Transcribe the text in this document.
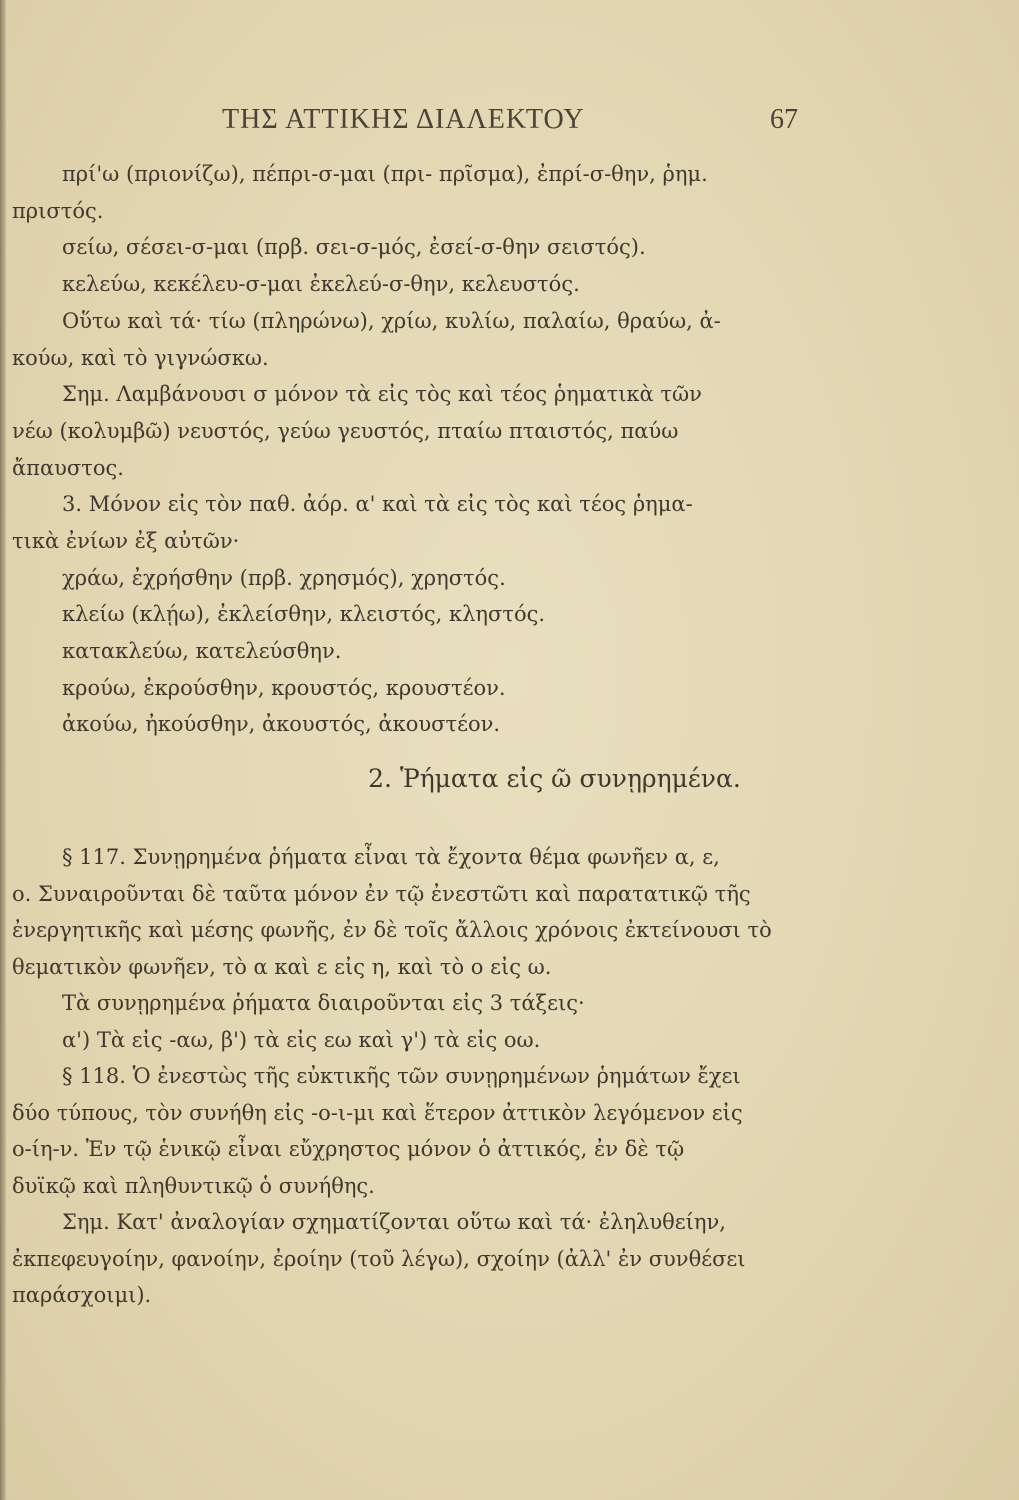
ΤΗΣ ΑΤΤΙΚΗΣ ΔΙΑΛΕΚΤΟΥ	67
πρί'ω (πριονίζω), πέπρι-σ-μαι (πρι- πρῖσμα), ἐπρί-σ-θην, ῥημ.
πριστός.
σείω, σέσει-σ-μαι (πρβ. σει-σ-μός, ἐσεί-σ-θην σειστός).
κελεύω, κεκέλευ-σ-μαι ἐκελεύ-σ-θην, κελευστός.
Οὕτω καὶ τά· τίω (πληρώνω), χρίω, κυλίω, παλαίω, θραύω, ἀ-
κούω, καὶ τὸ γιγνώσκω.
Σημ. Λαμβάνουσι σ μόνον τὰ εἰς τὸς καὶ τέος ῥηματικὰ τῶν
νέω (κολυμβῶ) νευστός, γεύω γευστός, πταίω πταιστός, παύω
ἄπαυστος.
3. Μόνον εἰς τὸν παθ. ἀόρ. α' καὶ τὰ εἰς τὸς καὶ τέος ῥημα-
τικὰ ἐνίων ἐξ αὐτῶν·
χράω, ἐχρήσθην (πρβ. χρησμός), χρηστός.
κλείω (κλῄω), ἐκλείσθην, κλειστός, κληστός.
κατακλεύω, κατελεύσθην.
κρούω, ἐκρούσθην, κρουστός, κρουστέον.
ἀκούω, ἠκούσθην, ἀκουστός, ἀκουστέον.
2. Ῥήματα εἰς ῶ συνῃρημένα.
§ 117. Συνῃρημένα ῥήματα εἶναι τὰ ἔχοντα θέμα φωνῆεν α, ε,
ο. Συναιροῦνται δὲ ταῦτα μόνον ἐν τῷ ἐνεστῶτι καὶ παρατατικῷ τῆς
ἐνεργητικῆς καὶ μέσης φωνῆς, ἐν δὲ τοῖς ἄλλοις χρόνοις ἐκτείνουσι τὸ
θεματικὸν φωνῆεν, τὸ α καὶ ε εἰς η, καὶ τὸ ο εἰς ω.
Τὰ συνῃρημένα ῥήματα διαιροῦνται εἰς 3 τάξεις·
α') Τὰ εἰς -αω, β') τὰ εἰς εω καὶ γ') τὰ εἰς οω.
§ 118. Ὁ ἐνεστὼς τῆς εὐκτικῆς τῶν συνῃρημένων ῥημάτων ἔχει
δύο τύπους, τὸν συνήθη εἰς -ο-ι-μι καὶ ἕτερον ἀττικὸν λεγόμενον εἰς
ο-ίη-ν. Ἐν τῷ ἑνικῷ εἶναι εὔχρηστος μόνον ὁ ἀττικός, ἐν δὲ τῷ
δυϊκῷ καὶ πληθυντικῷ ὁ συνήθης.
Σημ. Κατ' ἀναλογίαν σχηματίζονται οὕτω καὶ τά· ἐληλυθείην,
ἐκπεφευγοίην, φανοίην, ἐροίην (τοῦ λέγω), σχοίην (ἀλλ' ἐν συνθέσει
παράσχοιμι).
